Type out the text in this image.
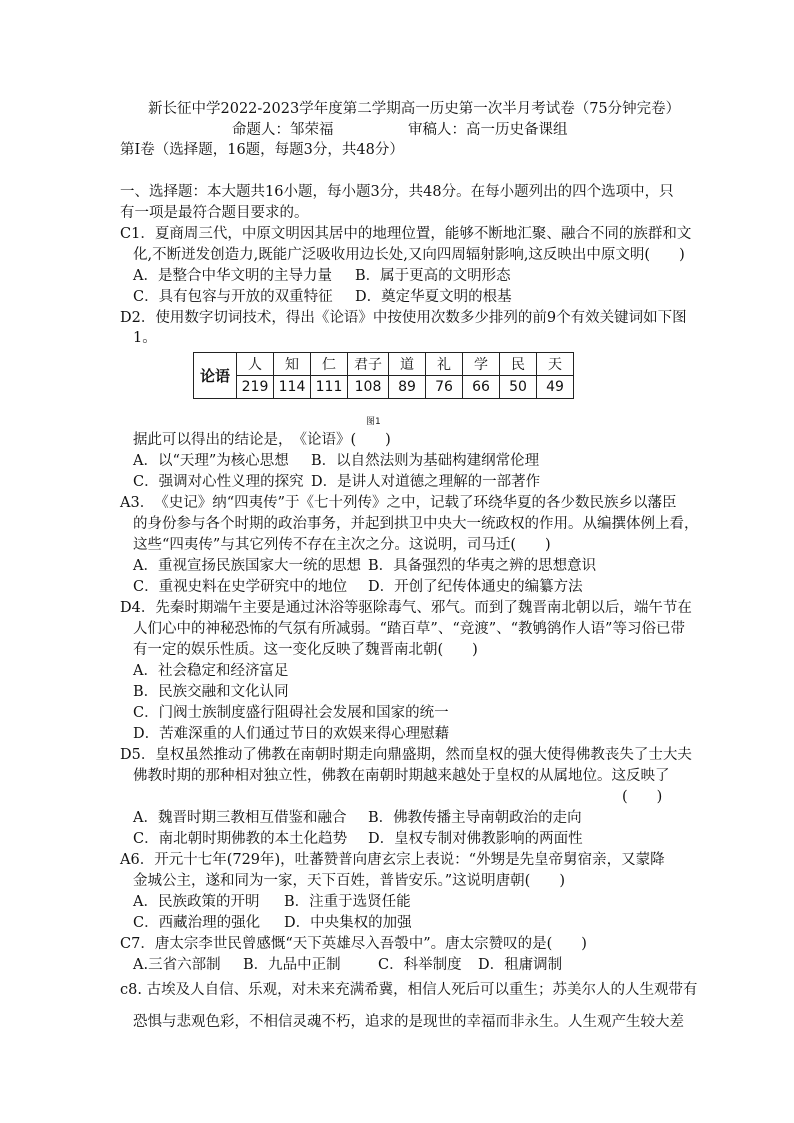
新长征中学2022-2023学年度第二学期高一历史第一次半月考试卷（75分钟完卷）
命题人：邹荣福	审稿人：高一历史备课组
第Ⅰ卷（选择题，16题，每题3分，共48分）
一、选择题：本大题共16小题，每小题3分，共48分。在每小题列出的四个选项中，只
有一项是最符合题目要求的。
C1．夏商周三代，中原文明因其居中的地理位置，能够不断地汇聚、融合不同的族群和文
化,不断迸发创造力,既能广泛吸收用边长处,又向四周辐射影响,这反映出中原文明(　　)
A．是整合中华文明的主导力量 B．属于更高的文明形态
C．具有包容与开放的双重特征 D．奠定华夏文明的根基
D2．使用数字切词技术，得出《论语》中按使用次数多少排列的前9个有效关键词如下图
1。
论语	人	知	仁	君子	道	礼	学	民	天
	219	114	111	108	89	76	66	50	49
图1
据此可以得出的结论是，　《论语》(　　)
A．以“天理”为核心思想 B．以自然法则为基础构建纲常伦理
C．强调对心性义理的探究 D．是讲人对道德之理解的一部著作
A3．　《史记》纳“四夷传”于《七十列传》之中，记载了环绕华夏的各少数民族乡以藩臣
的身份参与各个时期的政治事务，并起到拱卫中央大一统政权的作用。从编撰体例上看，
这些“四夷传”与其它列传不存在主次之分。这说明，司马迁(　　)
A．重视宣扬民族国家大一统的思想 B．具备强烈的华夷之辨的思想意识
C．重视史料在史学研究中的地位 D．开创了纪传体通史的编纂方法
D4．先秦时期端午主要是通过沐浴等驱除毒气、邪气。而到了魏晋南北朝以后，端午节在
人们心中的神秘恐怖的气氛有所减弱。“踏百草”、“竞渡”、“教鸲鹆作人语”等习俗已带
有一定的娱乐性质。这一变化反映了魏晋南北朝(　　)
A．社会稳定和经济富足
B．民族交融和文化认同
C．门阀士族制度盛行阻碍社会发展和国家的统一
D．苦难深重的人们通过节日的欢娱来得心理慰藉
D5．皇权虽然推动了佛教在南朝时期走向鼎盛期，然而皇权的强大使得佛教丧失了士大夫
佛教时期的那种相对独立性，佛教在南朝时期越来越处于皇权的从属地位。这反映了
(　　)
A．魏晋时期三教相互借鉴和融合 B．佛教传播主导南朝政治的走向
C．南北朝时期佛教的本土化趋势 D．皇权专制对佛教影响的两面性
A6．开元十七年(729年)，吐蕃赞普向唐玄宗上表说：“外甥是先皇帝舅宿亲，又蒙降
金城公主，遂和同为一家，天下百姓，普皆安乐。”这说明唐朝(　　)
A．民族政策的开明 B．注重于选贤任能
C．西藏治理的强化 D．中央集权的加强
C7．唐太宗李世民曾感慨“天下英雄尽入吾彀中”。唐太宗赞叹的是(　　)
A.三省六部制 B．九品中正制	C．科举制度 D．租庸调制
c8. 古埃及人自信、乐观，对未来充满希冀，相信人死后可以重生；苏美尔人的人生观带有
恐惧与悲观色彩，不相信灵魂不朽，追求的是现世的幸福而非永生。人生观产生较大差
